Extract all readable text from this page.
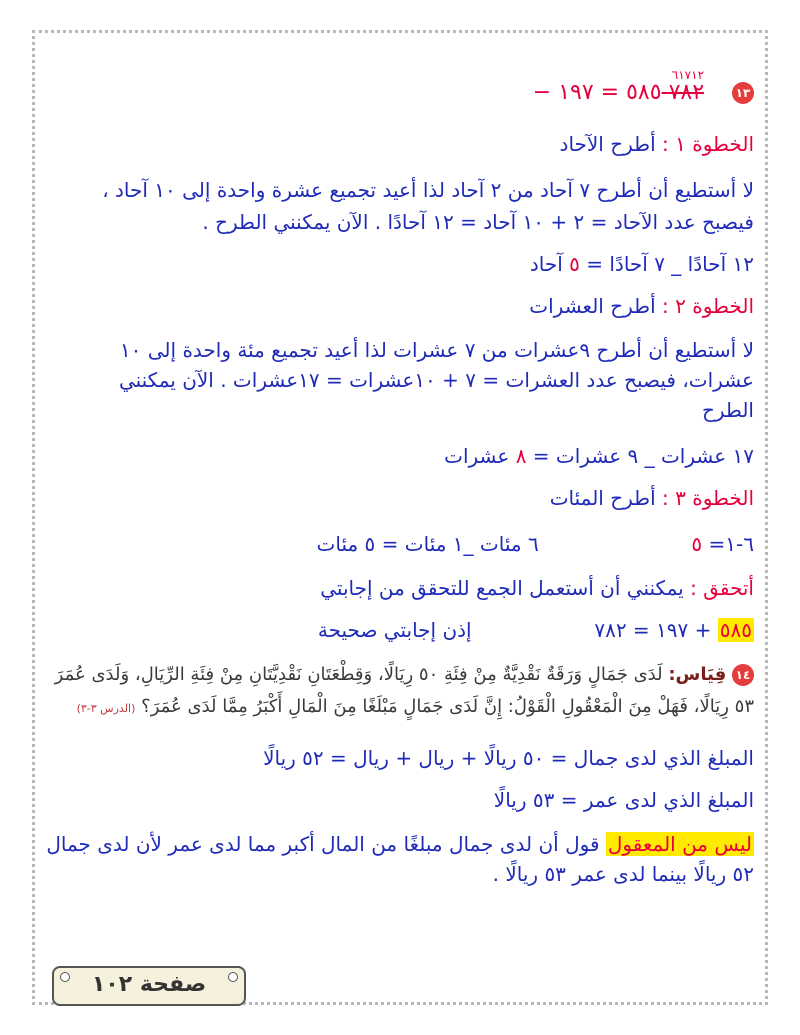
١٣    ٧٨٢
٦١٧١٢
٥٨٥ = ١٩٧ −
الخطوة ١ : أطرح الآحاد
لا أستطيع أن أطرح ٧ آحاد من ٢ آحاد لذا أعيد تجميع عشرة واحدة إلى ١٠ آحاد ،
فيصبح عدد الآحاد = ٢ + ١٠ آحاد = ١٢ آحادًا . الآن يمكنني الطرح .
١٢ آحادًا _ ٧ آحادًا = ٥ آحاد
الخطوة ٢ : أطرح العشرات
لا أستطيع أن أطرح ٩عشرات من ٧ عشرات لذا أعيد تجميع مئة واحدة إلى ١٠
عشرات، فيصبح عدد العشرات = ٧ + ١٠عشرات = ١٧عشرات . الآن يمكنني
الطرح
١٧ عشرات _ ٩ عشرات = ٨ عشرات
الخطوة ٣ : أطرح المئات
٦-١= ٥  ٦ مئات _١ مئات = ٥ مئات
أتحقق : يمكنني أن أستعمل الجمع للتحقق من إجابتي
٥٨٥ + ١٩٧ = ٧٨٢  إذن إجابتي صحيحة
١٤ قِيَاس: لَدَى جَمَالٍ وَرَقَةٌ نَقْدِيَّةٌ مِنْ فِئَةِ ٥٠ رِيَالًا، وَقِطْعَتَانِ نَقْدِيَّتَانِ مِنْ فِئَةِ الرِّيَالِ، وَلَدَى عُمَرَ
٥٣ رِيَالًا، فَهَلْ مِنَ الْمَعْقُولِ الْقَوْلُ: إِنَّ لَدَى جَمَالٍ مَبْلَغًا مِنَ الْمَالِ أَكْبَرُ مِمَّا لَدَى عُمَرَ؟ (الدرس ٣-٣)
المبلغ الذي لدى جمال = ٥٠ ريالًا + ريال + ريال = ٥٢ ريالًا
المبلغ الذي لدى عمر = ٥٣ ريالًا
ليس من المعقول قول أن لدى جمال مبلغًا من المال أكبر مما لدى عمر لأن لدى جمال
٥٢ ريالًا بينما لدى عمر ٥٣ ريالًا .
صفحة ١٠٢
